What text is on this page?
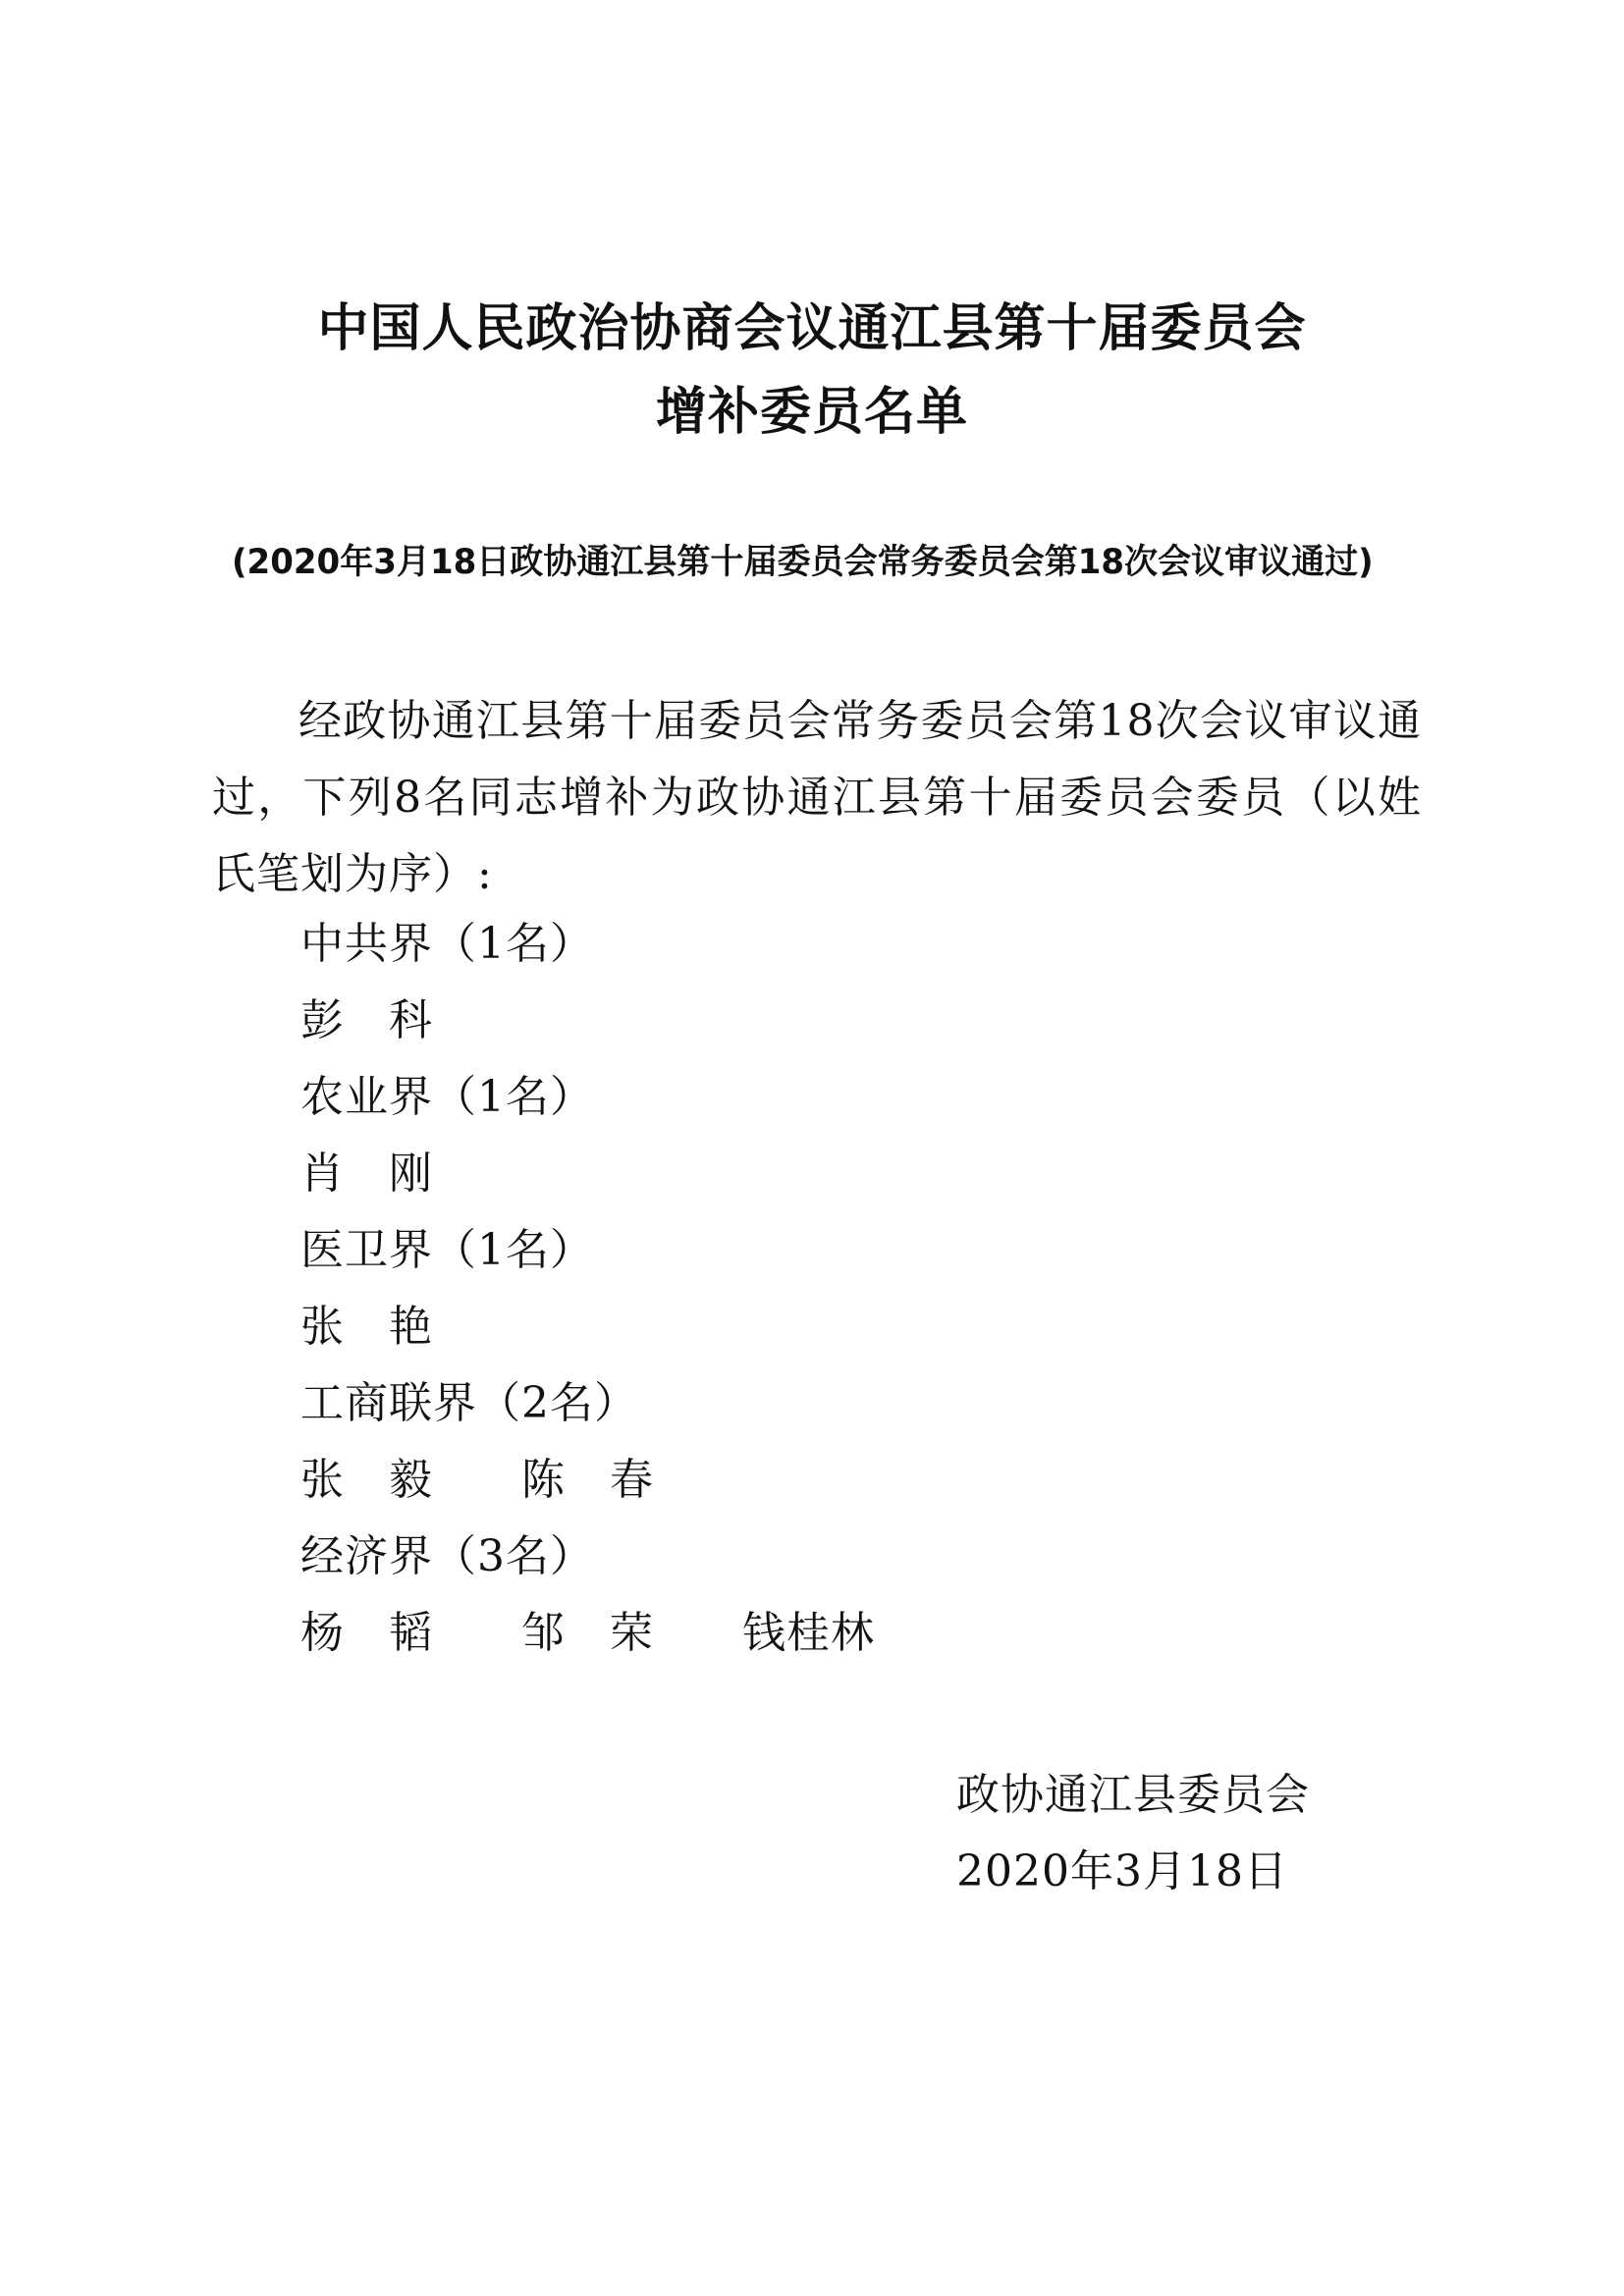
中国人民政治协商会议通江县第十届委员会
增补委员名单
(2020年3月18日政协通江县第十届委员会常务委员会第18次会议审议通过)
经政协通江县第十届委员会常务委员会第18次会议审议通过，下列8名同志增补为政协通江县第十届委员会委员（以姓氏笔划为序）:
中共界（1名）
彭　科
农业界（1名）
肖　刚
医卫界（1名）
张　艳
工商联界（2名）
张　毅　　陈　春
经济界（3名）
杨　韬　　邹　荣　　钱桂林
政协通江县委员会
2020年3月18日
